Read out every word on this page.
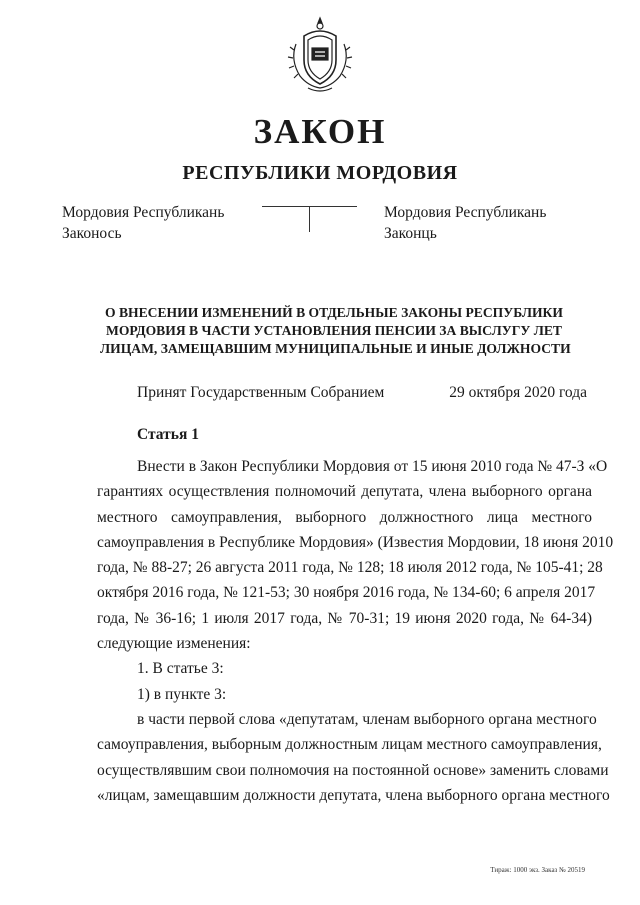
ЗАКОН
РЕСПУБЛИКИ МОРДОВИЯ
Мордовия Республикань
Законось
Мордовия Республикань
Законць
О ВНЕСЕНИИ ИЗМЕНЕНИЙ В ОТДЕЛЬНЫЕ ЗАКОНЫ РЕСПУБЛИКИ
МОРДОВИЯ В ЧАСТИ УСТАНОВЛЕНИЯ ПЕНСИИ ЗА ВЫСЛУГУ ЛЕТ
ЛИЦАМ, ЗАМЕЩАВШИМ МУНИЦИПАЛЬНЫЕ И ИНЫЕ ДОЛЖНОСТИ
Принят Государственным Собранием	29 октября 2020 года
Статья 1
Внести в Закон Республики Мордовия от 15 июня 2010 года № 47-З «О
гарантиях осуществления полномочий депутата, члена выборного органа
местного самоуправления, выборного должностного лица местного
самоуправления в Республике Мордовия» (Известия Мордовии, 18 июня 2010
года, № 88-27; 26 августа 2011 года, № 128; 18 июля 2012 года, № 105-41; 28
октября 2016 года, № 121-53; 30 ноября 2016 года, № 134-60; 6 апреля 2017
года, № 36-16; 1 июля 2017 года, № 70-31; 19 июня 2020 года, № 64-34)
следующие изменения:
1. В статье 3:
1) в пункте 3:
в части первой слова «депутатам, членам выборного органа местного
самоуправления, выборным должностным лицам местного самоуправления,
осуществлявшим свои полномочия на постоянной основе» заменить словами
«лицам, замещавшим должности депутата, члена выборного органа местного
Тираж: 1000 экз. Заказ № 20519
